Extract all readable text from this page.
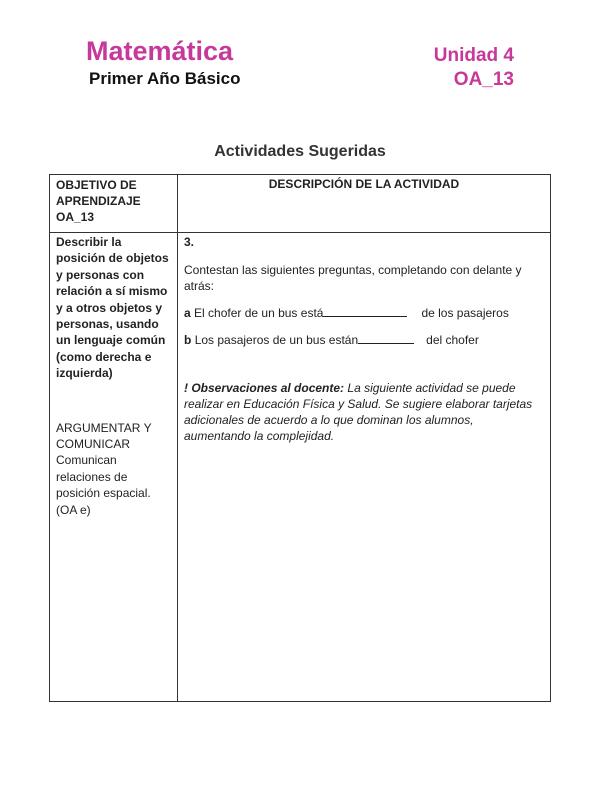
Matemática
Primer Año Básico
Unidad 4
OA_13
Actividades Sugeridas
OBJETIVO DE APRENDIZAJE OA_13
DESCRIPCIÓN DE LA ACTIVIDAD
Describir la posición de objetos y personas con relación a sí mismo y a otros objetos y personas, usando un lenguaje común (como derecha e izquierda)
ARGUMENTAR Y COMUNICAR
Comunican relaciones de posición espacial. (OA e)
3.
Contestan las siguientes preguntas, completando con delante y atrás:
a El chofer de un bus está	de los pasajeros
b Los pasajeros de un bus están	del chofer
! Observaciones al docente: La siguiente actividad se puede realizar en Educación Física y Salud. Se sugiere elaborar tarjetas adicionales de acuerdo a lo que dominan los alumnos, aumentando la complejidad.
